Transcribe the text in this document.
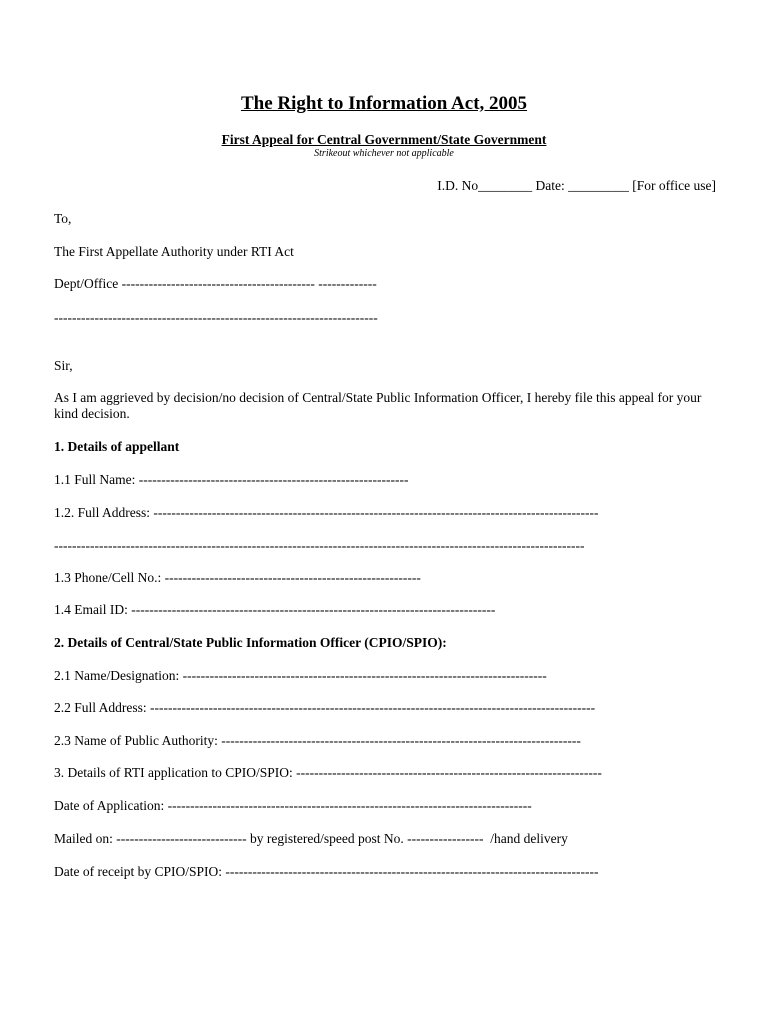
The Right to Information Act, 2005

First Appeal for Central Government/State Government

Strikeout whichever not applicable

I.D. No________ Date: _________ [For office use]

To,

The First Appellate Authority under RTI Act

Dept/Office ------------------------------------------- -------------

------------------------------------------------------------------------

Sir,

As I am aggrieved by decision/no decision of Central/State Public Information Officer, I hereby file this appeal for your kind decision.

1. Details of appellant

1.1 Full Name: ------------------------------------------------------------

1.2. Full Address: ---------------------------------------------------------------------------------------------------

----------------------------------------------------------------------------------------------------------------------

1.3 Phone/Cell No.: ---------------------------------------------------------

1.4 Email ID: ---------------------------------------------------------------------------------

2. Details of Central/State Public Information Officer (CPIO/SPIO):

2.1 Name/Designation: ---------------------------------------------------------------------------------

2.2 Full Address: ---------------------------------------------------------------------------------------------------

2.3 Name of Public Authority: --------------------------------------------------------------------------------

3. Details of RTI application to CPIO/SPIO: --------------------------------------------------------------------

Date of Application: ---------------------------------------------------------------------------------

Mailed on: ----------------------------- by registered/speed post No. -----------------  /hand delivery

Date of receipt by CPIO/SPIO: -----------------------------------------------------------------------------------
